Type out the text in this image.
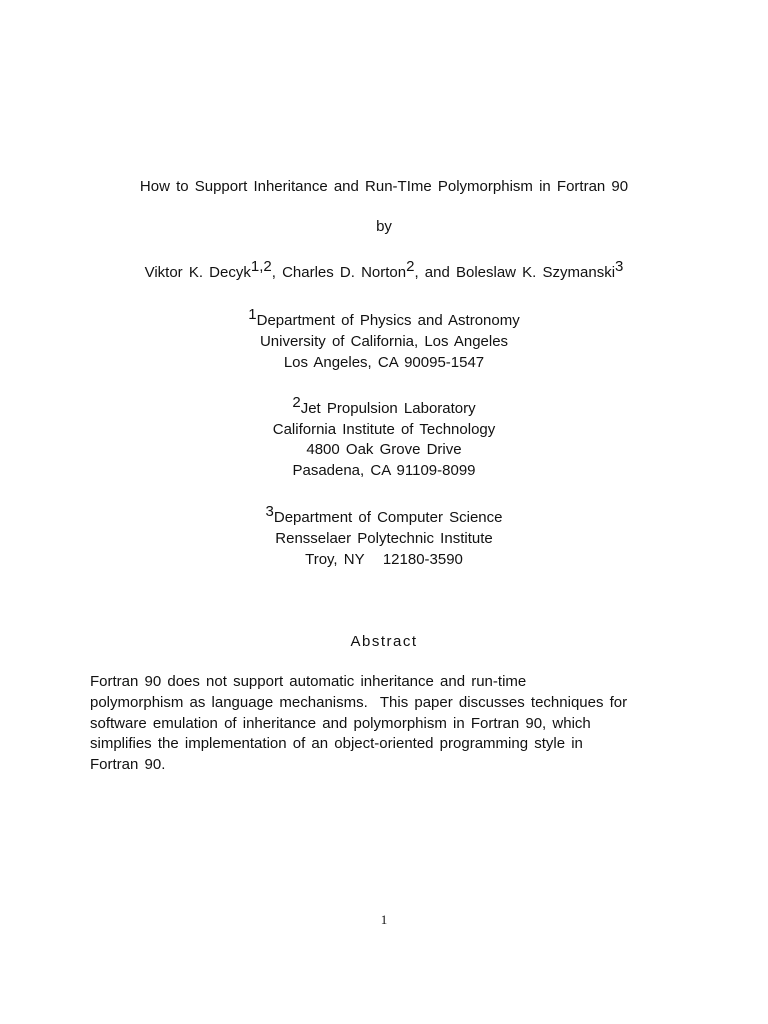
How to Support Inheritance and Run-TIme Polymorphism in Fortran 90
by
Viktor K. Decyk$^{1,2}$, Charles D. Norton$^2$, and Boleslaw K. Szymanski$^3$
$^1$Department of Physics and Astronomy
University of California, Los Angeles
Los Angeles, CA 90095-1547
$^2$Jet Propulsion Laboratory
California Institute of Technology
4800 Oak Grove Drive
Pasadena, CA 91109-8099
$^3$Department of Computer Science
Rensselaer Polytechnic Institute
Troy, NY   12180-3590
Abstract
Fortran 90 does not support automatic inheritance and run-time
polymorphism as language mechanisms.  This paper discusses techniques for
software emulation of inheritance and polymorphism in Fortran 90, which
simplifies the implementation of an object-oriented programming style in
Fortran 90.
1
